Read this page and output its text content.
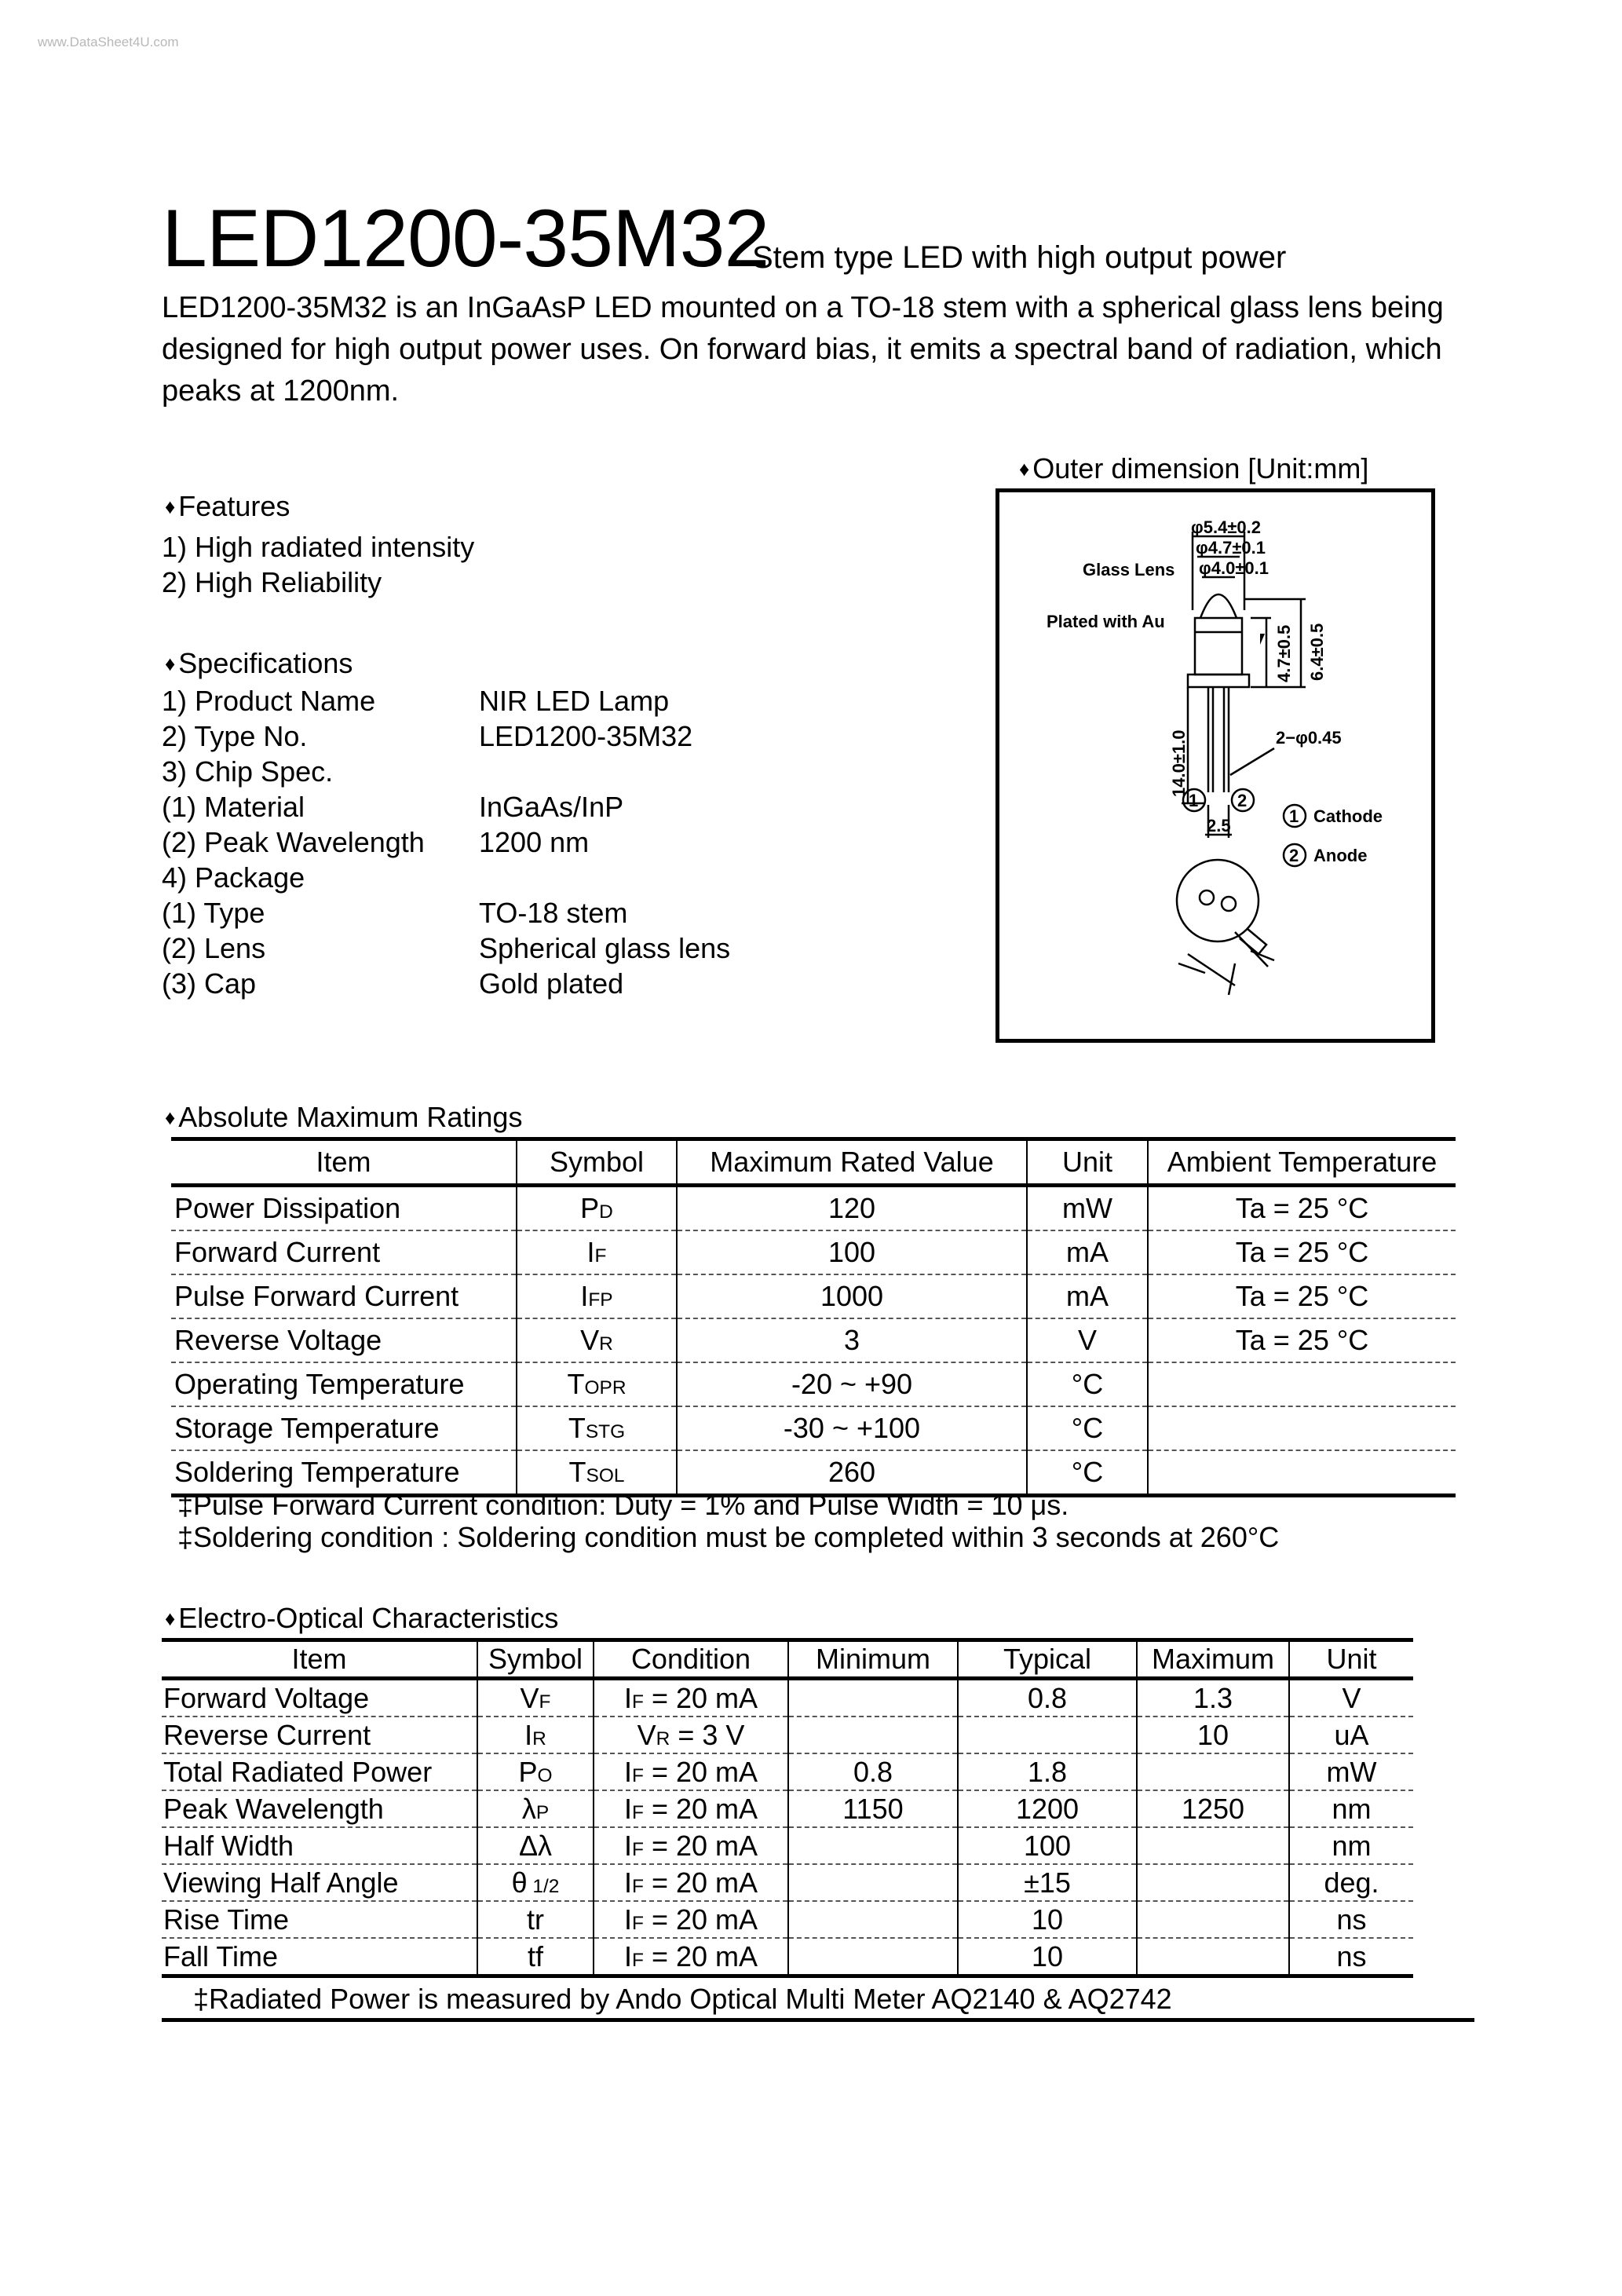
www.DataSheet4U.com
LED1200-35M32
Stem type LED with high output power
LED1200-35M32 is an InGaAsP LED mounted on a TO-18 stem with a spherical glass lens being designed for high output power uses. On forward bias, it emits a spectral band of radiation, which peaks at 1200nm.
♦ Features
1) High radiated intensity
2) High Reliability
♦ Specifications
1) Product Name	NIR LED Lamp
2) Type No.	LED1200-35M32
3) Chip Spec.
(1) Material	InGaAs/InP
(2) Peak Wavelength 1200 nm
4) Package
(1) Type	TO-18 stem
(2) Lens	Spherical glass lens
(3) Cap	Gold plated
♦ Outer dimension [Unit:mm]
φ5.4±0.2
φ4.7±0.1
φ4.0±0.1
Glass Lens
Plated with Au
4.7±0.5 6.4±0.5
14.0±1.0	2−φ0.45
2.5
1 2
1
2
Cathode
Anode
♦ Absolute Maximum Ratings
Item	Symbol	Maximum Rated Value	Unit	Ambient Temperature
Power Dissipation	PD	120	mW	Ta = 25 °C
Forward Current	IF	100	mA	Ta = 25 °C
Pulse Forward Current	IFP	1000	mA	Ta = 25 °C
Reverse Voltage	VR	3	V	Ta = 25 °C
Operating Temperature	TOPR	-20 ~ +90	°C	
Storage Temperature	TSTG	-30 ~ +100	°C	
Soldering Temperature	TSOL	260	°C	
‡Pulse Forward Current condition: Duty = 1% and Pulse Width = 10 μs.
‡Soldering condition : Soldering condition must be completed within 3 seconds at 260°C
♦ Electro-Optical Characteristics
Item	Symbol	Condition	Minimum	Typical	Maximum	Unit
Forward Voltage	VF	IF = 20 mA		0.8	1.3	V
Reverse Current	IR	VR = 3 V			10	uA
Total Radiated Power	PO	IF = 20 mA	0.8	1.8		mW
Peak Wavelength	λP	IF = 20 mA	1150	1200	1250	nm
Half Width	Δλ	IF = 20 mA		100		nm
Viewing Half Angle	θ 1/2	IF = 20 mA		±15		deg.
Rise Time	tr	IF = 20 mA		10		ns
Fall Time	tf	IF = 20 mA		10		ns
‡Radiated Power is measured by Ando Optical Multi Meter AQ2140 & AQ2742
